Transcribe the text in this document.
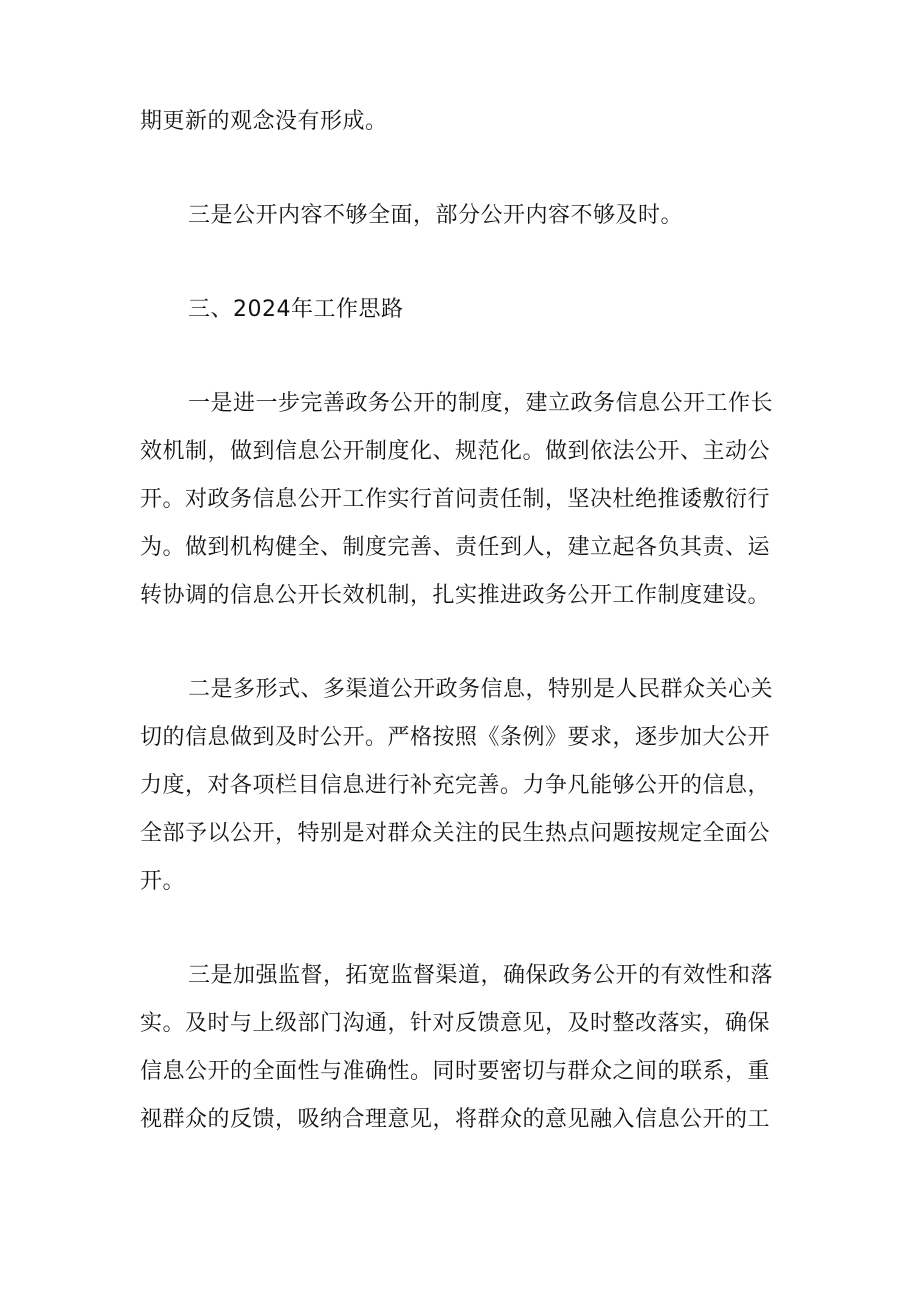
期更新的观念没有形成。

三是公开内容不够全面，部分公开内容不够及时。

三、2024年工作思路

一是进一步完善政务公开的制度，建立政务信息公开工作长

效机制，做到信息公开制度化、规范化。做到依法公开、主动公

开。对政务信息公开工作实行首问责任制，坚决杜绝推诿敷衍行

为。做到机构健全、制度完善、责任到人，建立起各负其责、运

转协调的信息公开长效机制，扎实推进政务公开工作制度建设。

二是多形式、多渠道公开政务信息，特别是人民群众关心关

切的信息做到及时公开。严格按照《条例》要求，逐步加大公开

力度，对各项栏目信息进行补充完善。力争凡能够公开的信息，

全部予以公开，特别是对群众关注的民生热点问题按规定全面公

开。

三是加强监督，拓宽监督渠道，确保政务公开的有效性和落

实。及时与上级部门沟通，针对反馈意见，及时整改落实，确保

信息公开的全面性与准确性。同时要密切与群众之间的联系，重

视群众的反馈，吸纳合理意见，将群众的意见融入信息公开的工
